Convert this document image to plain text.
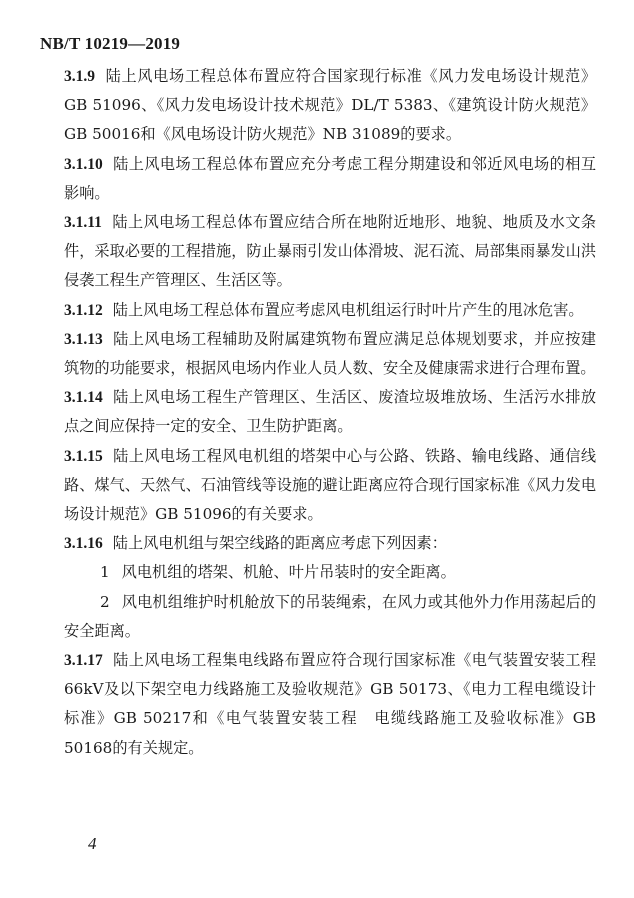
NB/T 10219—2019

3.1.9 陆上风电场工程总体布置应符合国家现行标准《风力发电场设计规范》GB 51096、《风力发电场设计技术规范》DL/T 5383、《建筑设计防火规范》GB 50016和《风电场设计防火规范》NB 31089的要求。

3.1.10 陆上风电场工程总体布置应充分考虑工程分期建设和邻近风电场的相互影响。

3.1.11 陆上风电场工程总体布置应结合所在地附近地形、地貌、地质及水文条件，采取必要的工程措施，防止暴雨引发山体滑坡、泥石流、局部集雨暴发山洪侵袭工程生产管理区、生活区等。

3.1.12 陆上风电场工程总体布置应考虑风电机组运行时叶片产生的甩冰危害。

3.1.13 陆上风电场工程辅助及附属建筑物布置应满足总体规划要求，并应按建筑物的功能要求，根据风电场内作业人员人数、安全及健康需求进行合理布置。

3.1.14 陆上风电场工程生产管理区、生活区、废渣垃圾堆放场、生活污水排放点之间应保持一定的安全、卫生防护距离。

3.1.15 陆上风电场工程风电机组的塔架中心与公路、铁路、输电线路、通信线路、煤气、天然气、石油管线等设施的避让距离应符合现行国家标准《风力发电场设计规范》GB 51096的有关要求。

3.1.16 陆上风电机组与架空线路的距离应考虑下列因素：

1 风电机组的塔架、机舱、叶片吊装时的安全距离。

2 风电机组维护时机舱放下的吊装绳索，在风力或其他外力作用荡起后的安全距离。

3.1.17 陆上风电场工程集电线路布置应符合现行国家标准《电气装置安装工程 66kV及以下架空电力线路施工及验收规范》GB 50173、《电力工程电缆设计标准》GB 50217和《电气装置安装工程　电缆线路施工及验收标准》GB 50168的有关规定。

4
